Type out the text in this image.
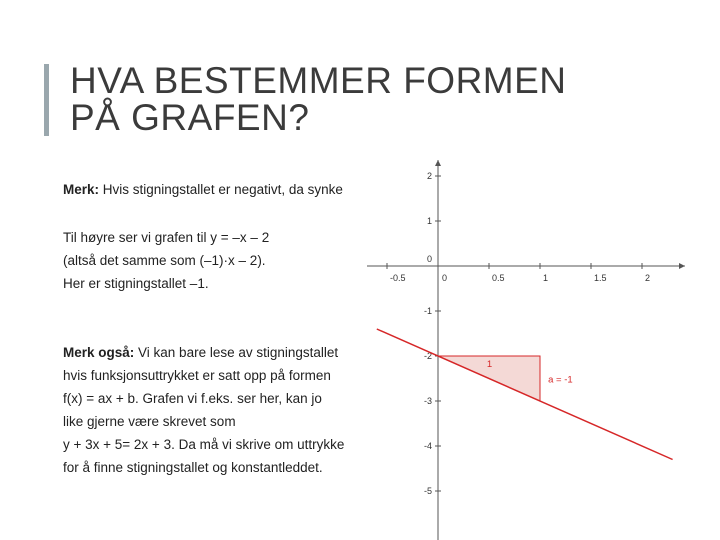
HVA BESTEMMER FORMEN
PÅ GRAFEN?
Merk: Hvis stigningstallet er negativt, da synke
Til høyre ser vi grafen til y = –x – 2
(altså det samme som (–1)·x – 2).
Her er stigningstallet –1.
Merk også: Vi kan bare lese av stigningstallet
hvis funksjonsuttrykket er satt opp på formen
f(x) = ax + b. Grafen vi f.eks. ser her, kan jo
like gjerne være skrevet som
y + 3x + 5= 2x + 3. Da må vi skrive om uttrykke
for å finne stigningstallet og konstantleddet.
-0.5	0	0.5	1	1.5	2
2
1
0
-1
-2
-3
-4
-5
1
a = -1
